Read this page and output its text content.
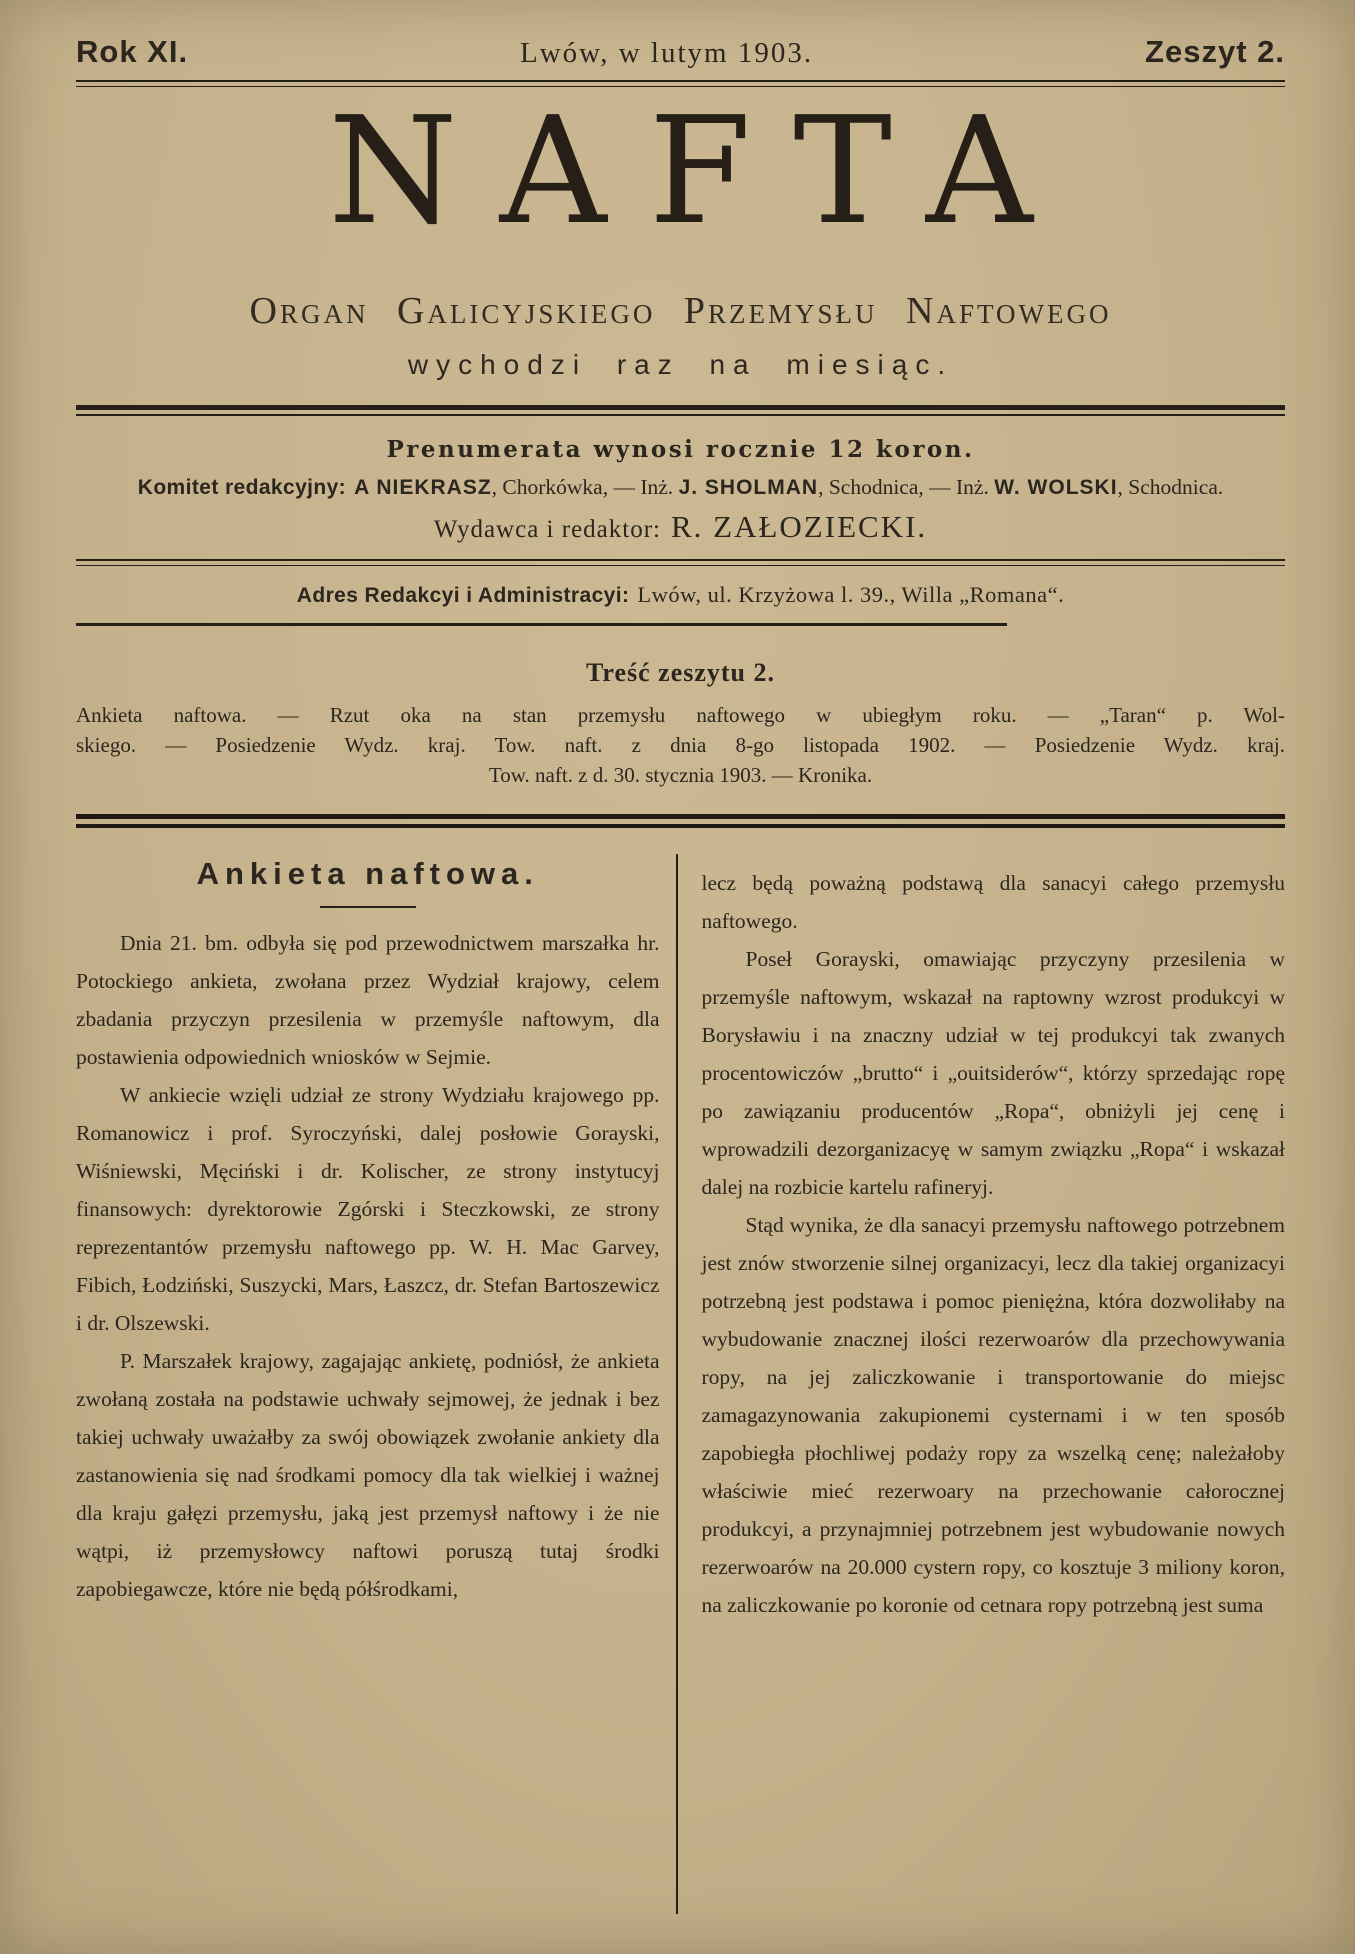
Rok XI.	Lwów, w lutym 1903.	Zeszyt 2.
NAFTA
Organ Galicyjskiego Przemysłu Naftowego
wychodzi raz na miesiąc.
Prenumerata wynosi rocznie 12 koron.
Komitet redakcyjny: A NIEKRASZ, Chorkówka, — Inż. J. SHOLMAN, Schodnica, — Inż. W. WOLSKI, Schodnica.
Wydawca i redaktor: R. ZAŁOZIECKI.
Adres Redakcyi i Administracyi: Lwów, ul. Krzyżowa l. 39., Willa „Romana“.
Treść zeszytu 2.
Ankieta naftowa. — Rzut oka na stan przemysłu naftowego w ubiegłym roku. — „Taran“ p. Wol-
skiego. — Posiedzenie Wydz. kraj. Tow. naft. z dnia 8-go listopada 1902. — Posiedzenie Wydz. kraj.
Tow. naft. z d. 30. stycznia 1903. — Kronika.
Ankieta naftowa.

Dnia 21. bm. odbyła się pod przewodnictwem marszałka hr. Potockiego ankieta, zwołana przez Wydział krajowy, celem zbadania przyczyn przesilenia w przemyśle naftowym, dla postawienia odpowiednich wniosków w Sejmie.

W ankiecie wzięli udział ze strony Wydziału krajowego pp. Romanowicz i prof. Syroczyński, dalej posłowie Gorayski, Wiśniewski, Męciński i dr. Kolischer, ze strony instytucyj finansowych: dyrektorowie Zgórski i Steczkowski, ze strony reprezentantów przemysłu naftowego pp. W. H. Mac Garvey, Fibich, Łodziński, Suszycki, Mars, Łaszcz, dr. Stefan Bartoszewicz i dr. Olszewski.

P. Marszałek krajowy, zagajając ankietę, podniósł, że ankieta zwołaną została na podstawie uchwały sejmowej, że jednak i bez takiej uchwały uważałby za swój obowiązek zwołanie ankiety dla zastanowienia się nad środkami pomocy dla tak wielkiej i ważnej dla kraju gałęzi przemysłu, jaką jest przemysł naftowy i że nie wątpi, iż przemysłowcy naftowi poruszą tutaj środki zapobiegawcze, które nie będą półśrodkami,

lecz będą poważną podstawą dla sanacyi całego przemysłu naftowego.

Poseł Gorayski, omawiając przyczyny przesilenia w przemyśle naftowym, wskazał na raptowny wzrost produkcyi w Borysławiu i na znaczny udział w tej produkcyi tak zwanych procentowiczów „brutto“ i „ouitsiderów“, którzy sprzedając ropę po zawiązaniu producentów „Ropa“, obniżyli jej cenę i wprowadzili dezorganizacyę w samym związku „Ropa“ i wskazał dalej na rozbicie kartelu rafineryj.

Stąd wynika, że dla sanacyi przemysłu naftowego potrzebnem jest znów stworzenie silnej organizacyi, lecz dla takiej organizacyi potrzebną jest podstawa i pomoc pieniężna, która dozwoliłaby na wybudowanie znacznej ilości rezerwoarów dla przechowywania ropy, na jej zaliczkowanie i transportowanie do miejsc zamagazynowania zakupionemi cysternami i w ten sposób zapobiegła płochliwej podaży ropy za wszelką cenę; należałoby właściwie mieć rezerwoary na przechowanie całorocznej produkcyi, a przynajmniej potrzebnem jest wybudowanie nowych rezerwoarów na 20.000 cystern ropy, co kosztuje 3 miliony koron, na zaliczkowanie po koronie od cetnara ropy potrzebną jest suma
